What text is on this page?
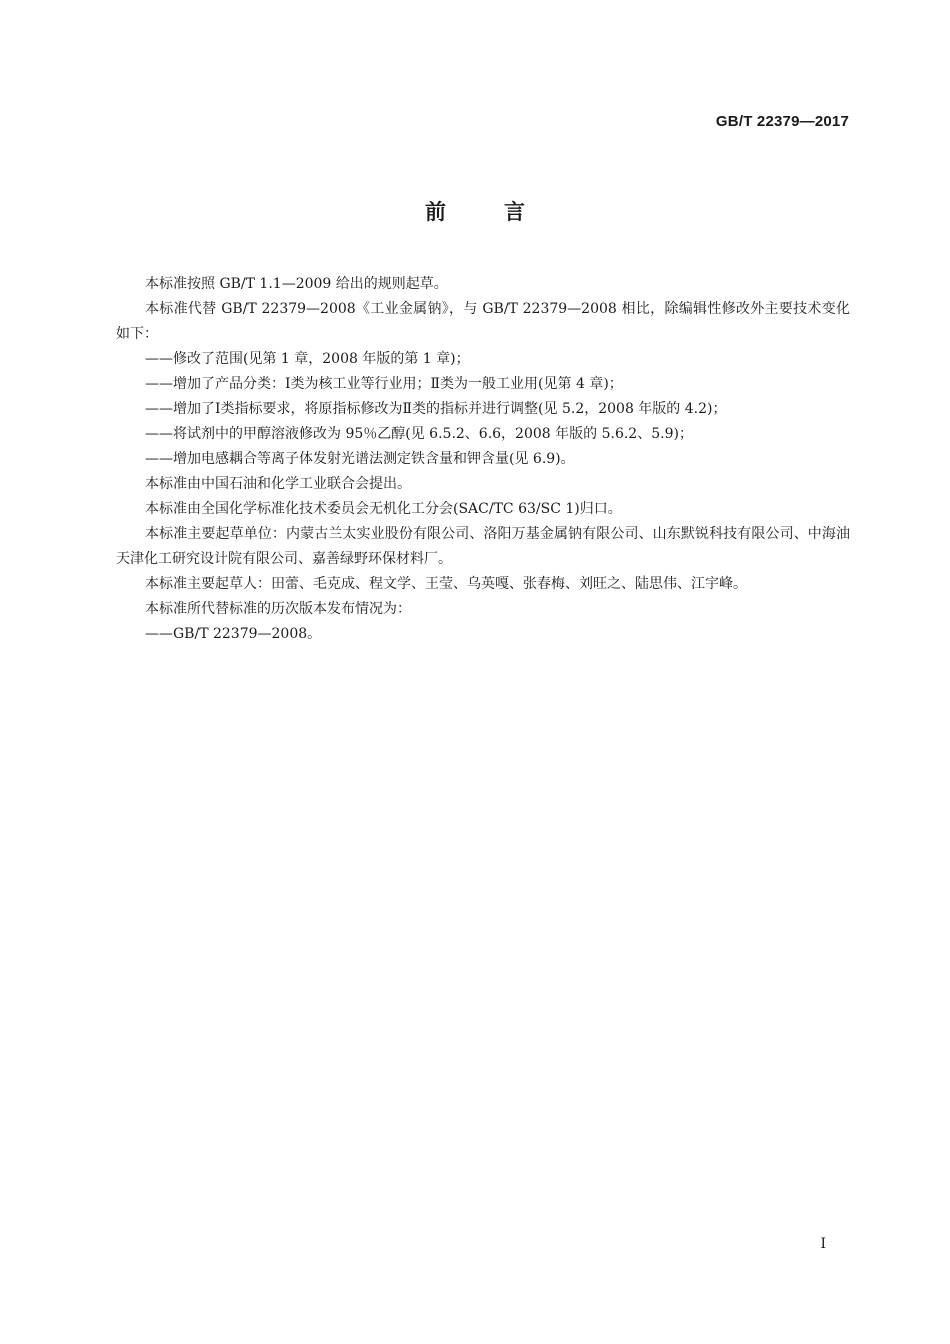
GB/T 22379—2017
前言

本标准按照 GB/T 1.1—2009 给出的规则起草。

本标准代替 GB/T 22379—2008《工业金属钠》，与 GB/T 22379—2008 相比，除编辑性修改外主要技术变化如下：

——修改了范围(见第 1 章，2008 年版的第 1 章)；

——增加了产品分类：Ⅰ类为核工业等行业用；Ⅱ类为一般工业用(见第 4 章)；

——增加了Ⅰ类指标要求，将原指标修改为Ⅱ类的指标并进行调整(见 5.2，2008 年版的 4.2)；

——将试剂中的甲醇溶液修改为 95％乙醇(见 6.5.2、6.6，2008 年版的 5.6.2、5.9)；

——增加电感耦合等离子体发射光谱法测定铁含量和钾含量(见 6.9)。

本标准由中国石油和化学工业联合会提出。

本标准由全国化学标准化技术委员会无机化工分会(SAC/TC 63/SC 1)归口。

本标准主要起草单位：内蒙古兰太实业股份有限公司、洛阳万基金属钠有限公司、山东默锐科技有限公司、中海油天津化工研究设计院有限公司、嘉善绿野环保材料厂。

本标准主要起草人：田蕾、毛克成、程文学、王莹、乌英嘎、张春梅、刘旺之、陆思伟、江宇峰。

本标准所代替标准的历次版本发布情况为：

——GB/T 22379—2008。

Ⅰ
